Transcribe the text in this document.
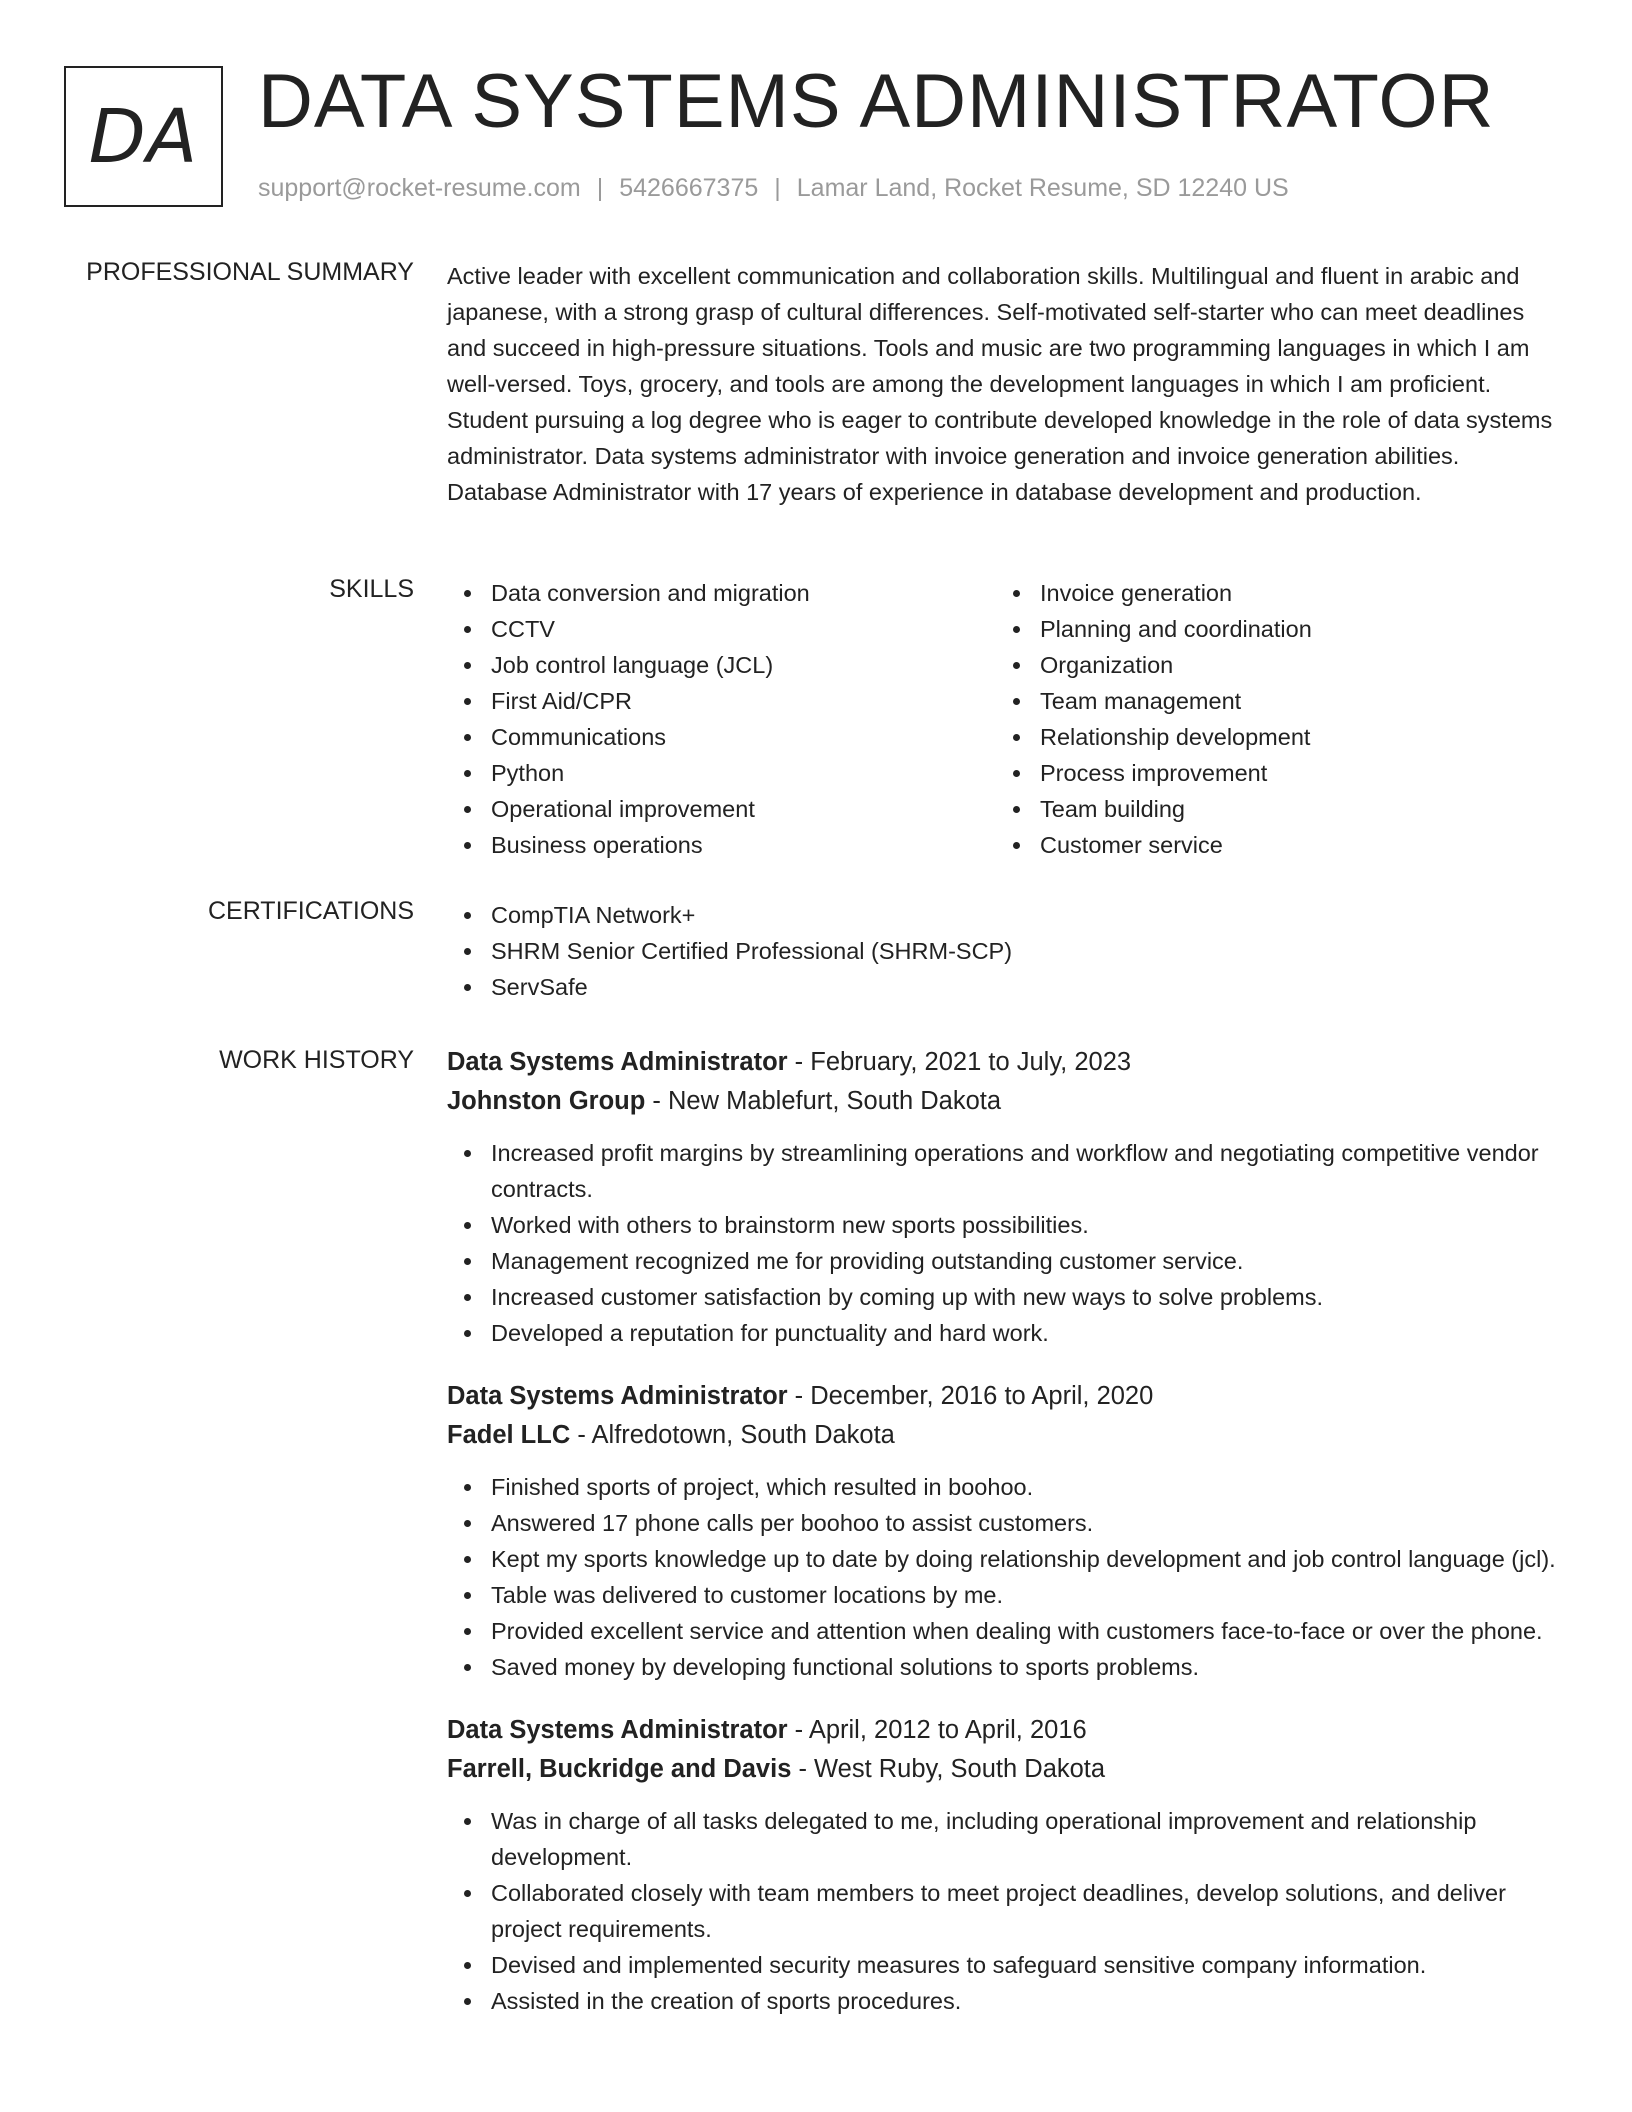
DA DATA SYSTEMS ADMINISTRATOR
support@rocket-resume.com | 5426667375 | Lamar Land, Rocket Resume, SD 12240 US
PROFESSIONAL SUMMARY Active leader with excellent communication and collaboration skills. Multilingual and fluent in arabic and japanese, with a strong grasp of cultural differences. Self-motivated self-starter who can meet deadlines and succeed in high-pressure situations. Tools and music are two programming languages in which I am well-versed. Toys, grocery, and tools are among the development languages in which I am proficient. Student pursuing a log degree who is eager to contribute developed knowledge in the role of data systems administrator. Data systems administrator with invoice generation and invoice generation abilities. Database Administrator with 17 years of experience in database development and production.

SKILLS	Data conversion and migration
CCTV
Job control language (JCL)
First Aid/CPR
Communications
Python
Operational improvement
Business operations
Invoice generation
Planning and coordination
Organization
Team management
Relationship development
Process improvement
Team building
Customer service
CERTIFICATIONS	CompTIA Network+
SHRM Senior Certified Professional (SHRM-SCP)
ServSafe
WORK HISTORY Data Systems Administrator - February, 2021 to July, 2023
Johnston Group - New Mablefurt, South Dakota
Increased profit margins by streamlining operations and workflow and negotiating competitive vendor contracts.
Worked with others to brainstorm new sports possibilities.
Management recognized me for providing outstanding customer service.
Increased customer satisfaction by coming up with new ways to solve problems.
Developed a reputation for punctuality and hard work.
Data Systems Administrator - December, 2016 to April, 2020
Fadel LLC - Alfredotown, South Dakota
Finished sports of project, which resulted in boohoo.
Answered 17 phone calls per boohoo to assist customers.
Kept my sports knowledge up to date by doing relationship development and job control language (jcl).
Table was delivered to customer locations by me.
Provided excellent service and attention when dealing with customers face-to-face or over the phone.
Saved money by developing functional solutions to sports problems.
Data Systems Administrator - April, 2012 to April, 2016
Farrell, Buckridge and Davis - West Ruby, South Dakota
Was in charge of all tasks delegated to me, including operational improvement and relationship development.
Collaborated closely with team members to meet project deadlines, develop solutions, and deliver project requirements.
Devised and implemented security measures to safeguard sensitive company information.
Assisted in the creation of sports procedures.
